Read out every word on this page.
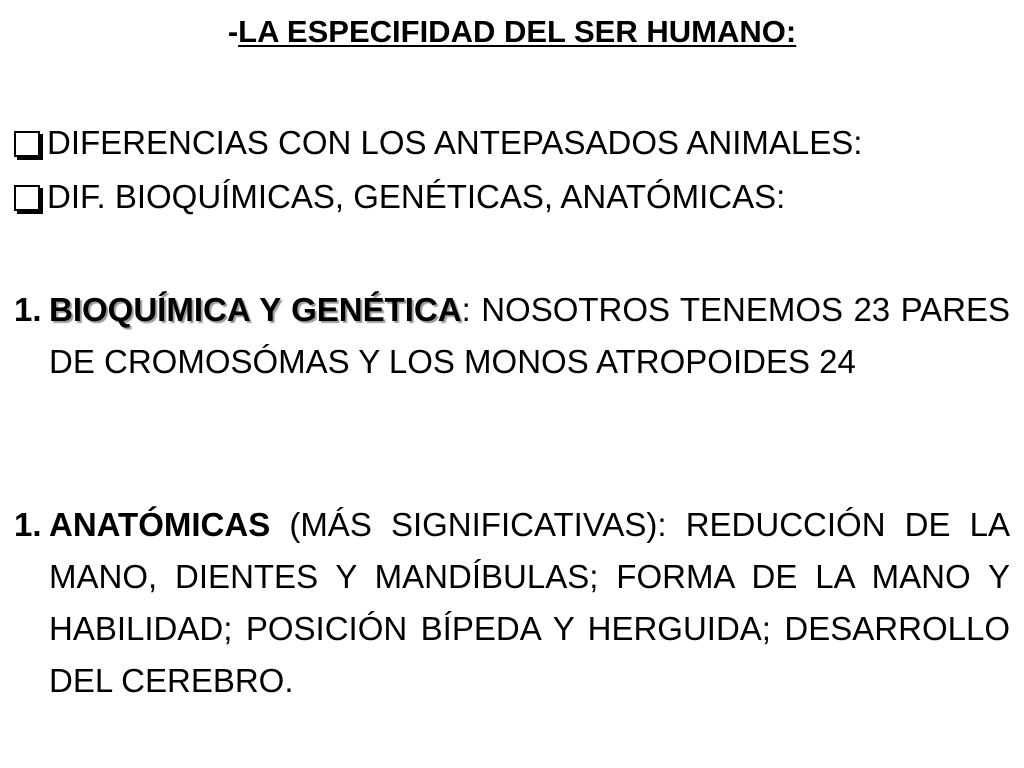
-LA ESPECIFIDAD DEL SER HUMANO:
DIFERENCIAS CON LOS ANTEPASADOS ANIMALES:
DIF. BIOQUÍMICAS, GENÉTICAS, ANATÓMICAS:
1. BIOQUÍMICA Y GENÉTICA: NOSOTROS TENEMOS 23 PARES DE CROMOSÓMAS Y LOS MONOS ATROPOIDES 24
1. ANATÓMICAS (MÁS SIGNIFICATIVAS): REDUCCIÓN DE LA MANO, DIENTES Y MANDÍBULAS; FORMA DE LA MANO Y HABILIDAD; POSICIÓN BÍPEDA Y HERGUIDA; DESARROLLO DEL CEREBRO.
